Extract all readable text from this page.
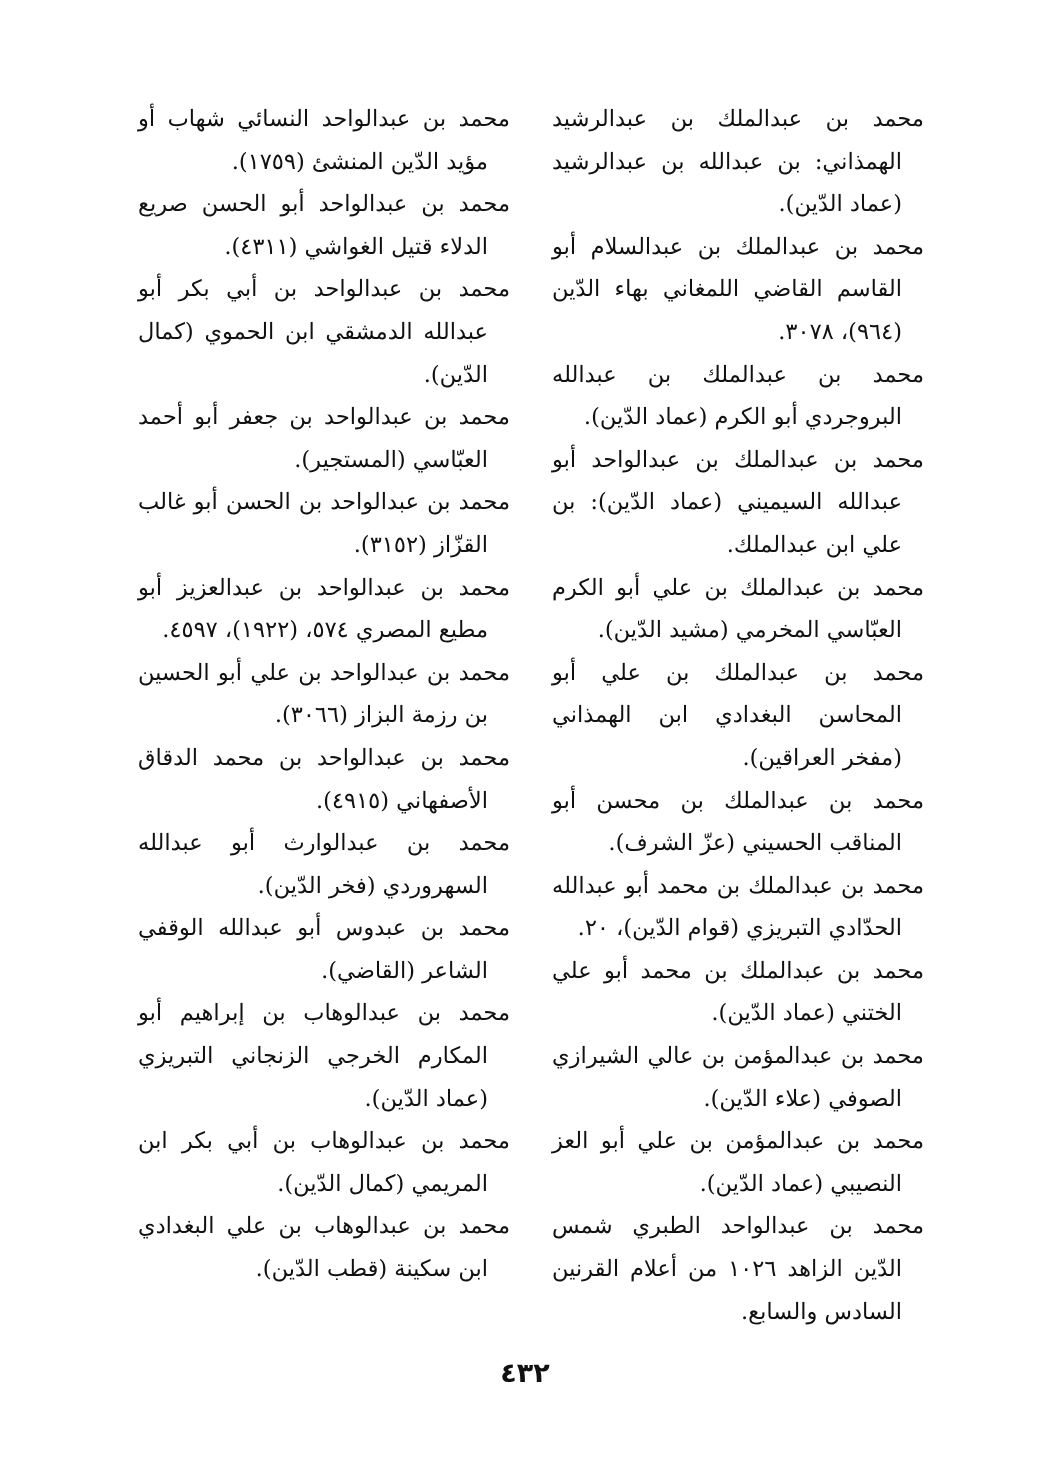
محمد بن عبدالملك بن عبدالرشيد الهمذاني: بن عبدالله بن عبدالرشيد (عماد الدّين).

محمد بن عبدالملك بن عبدالسلام أبو القاسم القاضي اللمغاني بهاء الدّين (٩٦٤)، ٣٠٧٨.

محمد بن عبدالملك بن عبدالله البروجردي أبو الكرم (عماد الدّين).

محمد بن عبدالملك بن عبدالواحد أبو عبدالله السيميني (عماد الدّين): بن علي ابن عبدالملك.

محمد بن عبدالملك بن علي أبو الكرم العبّاسي المخرمي (مشيد الدّين).

محمد بن عبدالملك بن علي أبو المحاسن البغدادي ابن الهمذاني (مفخر العراقين).

محمد بن عبدالملك بن محسن أبو المناقب الحسيني (عزّ الشرف).

محمد بن عبدالملك بن محمد أبو عبدالله الحدّادي التبريزي (قوام الدّين)، ٢٠.

محمد بن عبدالملك بن محمد أبو علي الختني (عماد الدّين).

محمد بن عبدالمؤمن بن عالي الشيرازي الصوفي (علاء الدّين).

محمد بن عبدالمؤمن بن علي أبو العز النصيبي (عماد الدّين).

محمد بن عبدالواحد الطبري شمس الدّين الزاهد ١٠٢٦ من أعلام القرنين السادس والسابع.

محمد بن عبدالواحد النسائي شهاب أو مؤيد الدّين المنشئ (١٧٥٩).

محمد بن عبدالواحد أبو الحسن صريع الدلاء قتيل الغواشي (٤٣١١).

محمد بن عبدالواحد بن أبي بكر أبو عبدالله الدمشقي ابن الحموي (كمال الدّين).

محمد بن عبدالواحد بن جعفر أبو أحمد العبّاسي (المستجير).

محمد بن عبدالواحد بن الحسن أبو غالب القزّاز (٣١٥٢).

محمد بن عبدالواحد بن عبدالعزيز أبو مطيع المصري ٥٧٤، (١٩٢٢)، ٤٥٩٧.

محمد بن عبدالواحد بن علي أبو الحسين بن رزمة البزاز (٣٠٦٦).

محمد بن عبدالواحد بن محمد الدقاق الأصفهاني (٤٩١٥).

محمد بن عبدالوارث أبو عبدالله السهروردي (فخر الدّين).

محمد بن عبدوس أبو عبدالله الوقفي الشاعر (القاضي).

محمد بن عبدالوهاب بن إبراهيم أبو المكارم الخرجي الزنجاني التبريزي (عماد الدّين).

محمد بن عبدالوهاب بن أبي بكر ابن المريمي (كمال الدّين).

محمد بن عبدالوهاب بن علي البغدادي ابن سكينة (قطب الدّين).

٤٣٢
